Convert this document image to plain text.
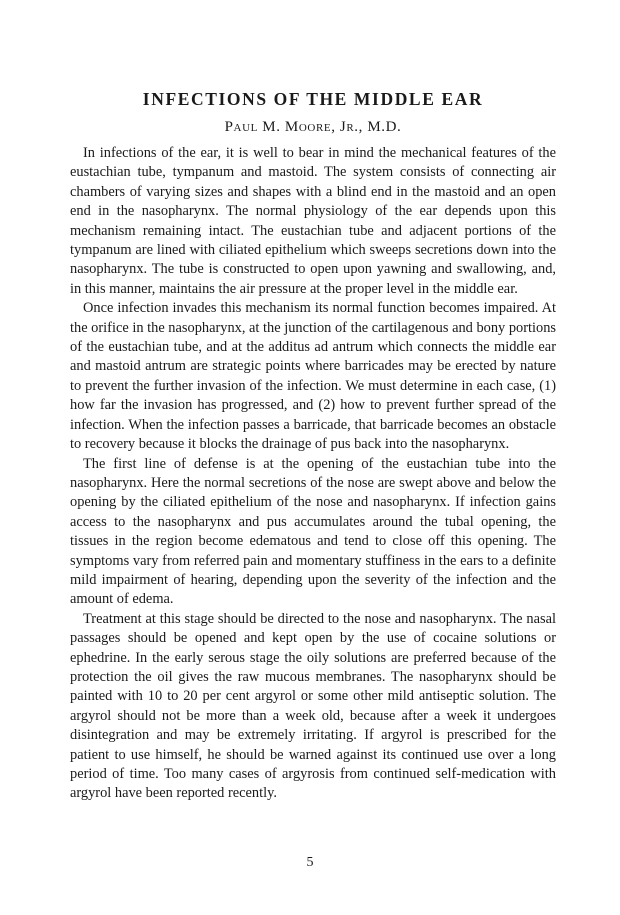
INFECTIONS OF THE MIDDLE EAR
Paul M. Moore, Jr., M.D.

In infections of the ear, it is well to bear in mind the mechanical features of the eustachian tube, tympanum and mastoid. The system consists of connecting air chambers of varying sizes and shapes with a blind end in the mastoid and an open end in the nasopharynx. The normal physiology of the ear depends upon this mechanism remaining intact. The eustachian tube and adjacent portions of the tympanum are lined with ciliated epithelium which sweeps secretions down into the nasopharynx. The tube is constructed to open upon yawning and swallowing, and, in this manner, maintains the air pressure at the proper level in the middle ear.

Once infection invades this mechanism its normal function becomes impaired. At the orifice in the nasopharynx, at the junction of the cartilagenous and bony portions of the eustachian tube, and at the additus ad antrum which connects the middle ear and mastoid antrum are strategic points where barricades may be erected by nature to prevent the further invasion of the infection. We must determine in each case, (1) how far the invasion has progressed, and (2) how to prevent further spread of the infection. When the infection passes a barricade, that barricade becomes an obstacle to recovery because it blocks the drainage of pus back into the nasopharynx.

The first line of defense is at the opening of the eustachian tube into the nasopharynx. Here the normal secretions of the nose are swept above and below the opening by the ciliated epithelium of the nose and nasopharynx. If infection gains access to the nasopharynx and pus accumulates around the tubal opening, the tissues in the region become edematous and tend to close off this opening. The symptoms vary from referred pain and momentary stuffiness in the ears to a definite mild impairment of hearing, depending upon the severity of the infection and the amount of edema.

Treatment at this stage should be directed to the nose and nasopharynx. The nasal passages should be opened and kept open by the use of cocaine solutions or ephedrine. In the early serous stage the oily solutions are preferred because of the protection the oil gives the raw mucous membranes. The nasopharynx should be painted with 10 to 20 per cent argyrol or some other mild antiseptic solution. The argyrol should not be more than a week old, because after a week it undergoes disintegration and may be extremely irritating. If argyrol is prescribed for the patient to use himself, he should be warned against its continued use over a long period of time. Too many cases of argyrosis from continued self-medication with argyrol have been reported recently.

5
